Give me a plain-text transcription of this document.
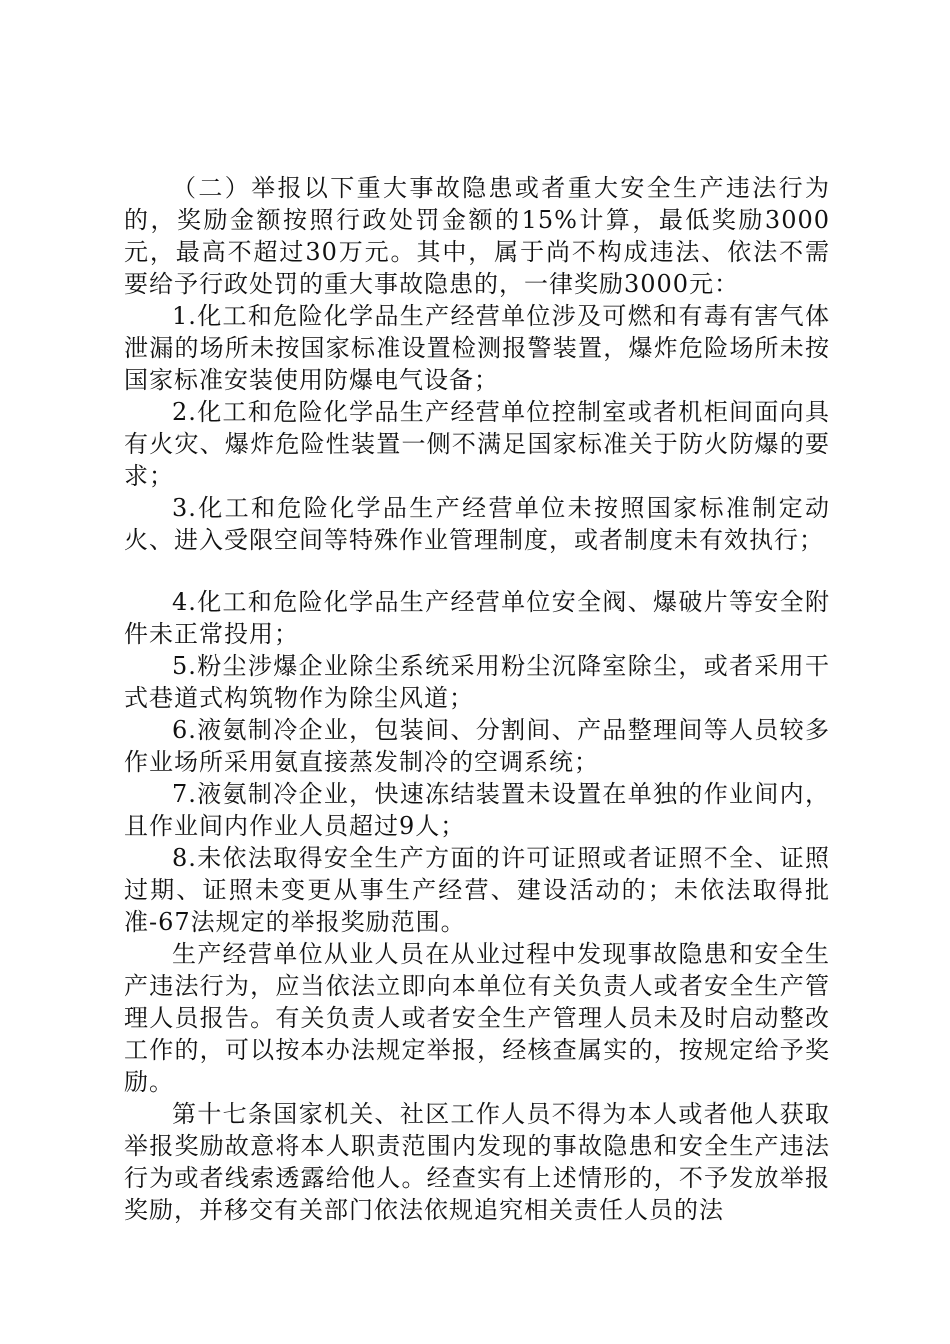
（二）举报以下重大事故隐患或者重大安全生产违法行为的，奖励金额按照行政处罚金额的15%计算，最低奖励3000元，最高不超过30万元。其中，属于尚不构成违法、依法不需要给予行政处罚的重大事故隐患的，一律奖励3000元：

1.化工和危险化学品生产经营单位涉及可燃和有毒有害气体泄漏的场所未按国家标准设置检测报警装置，爆炸危险场所未按国家标准安装使用防爆电气设备；

2.化工和危险化学品生产经营单位控制室或者机柜间面向具有火灾、爆炸危险性装置一侧不满足国家标准关于防火防爆的要求；

3.化工和危险化学品生产经营单位未按照国家标准制定动火、进入受限空间等特殊作业管理制度，或者制度未有效执行；

4.化工和危险化学品生产经营单位安全阀、爆破片等安全附件未正常投用；

5.粉尘涉爆企业除尘系统采用粉尘沉降室除尘，或者采用干式巷道式构筑物作为除尘风道；

6.液氨制冷企业，包装间、分割间、产品整理间等人员较多作业场所采用氨直接蒸发制冷的空调系统；

7.液氨制冷企业，快速冻结装置未设置在单独的作业间内，且作业间内作业人员超过9人；

8.未依法取得安全生产方面的许可证照或者证照不全、证照过期、证照未变更从事生产经营、建设活动的；未依法取得批准-67法规定的举报奖励范围。

生产经营单位从业人员在从业过程中发现事故隐患和安全生产违法行为，应当依法立即向本单位有关负责人或者安全生产管理人员报告。有关负责人或者安全生产管理人员未及时启动整改工作的，可以按本办法规定举报，经核查属实的，按规定给予奖励。

第十七条国家机关、社区工作人员不得为本人或者他人获取举报奖励故意将本人职责范围内发现的事故隐患和安全生产违法行为或者线索透露给他人。经查实有上述情形的，不予发放举报奖励，并移交有关部门依法依规追究相关责任人员的法
